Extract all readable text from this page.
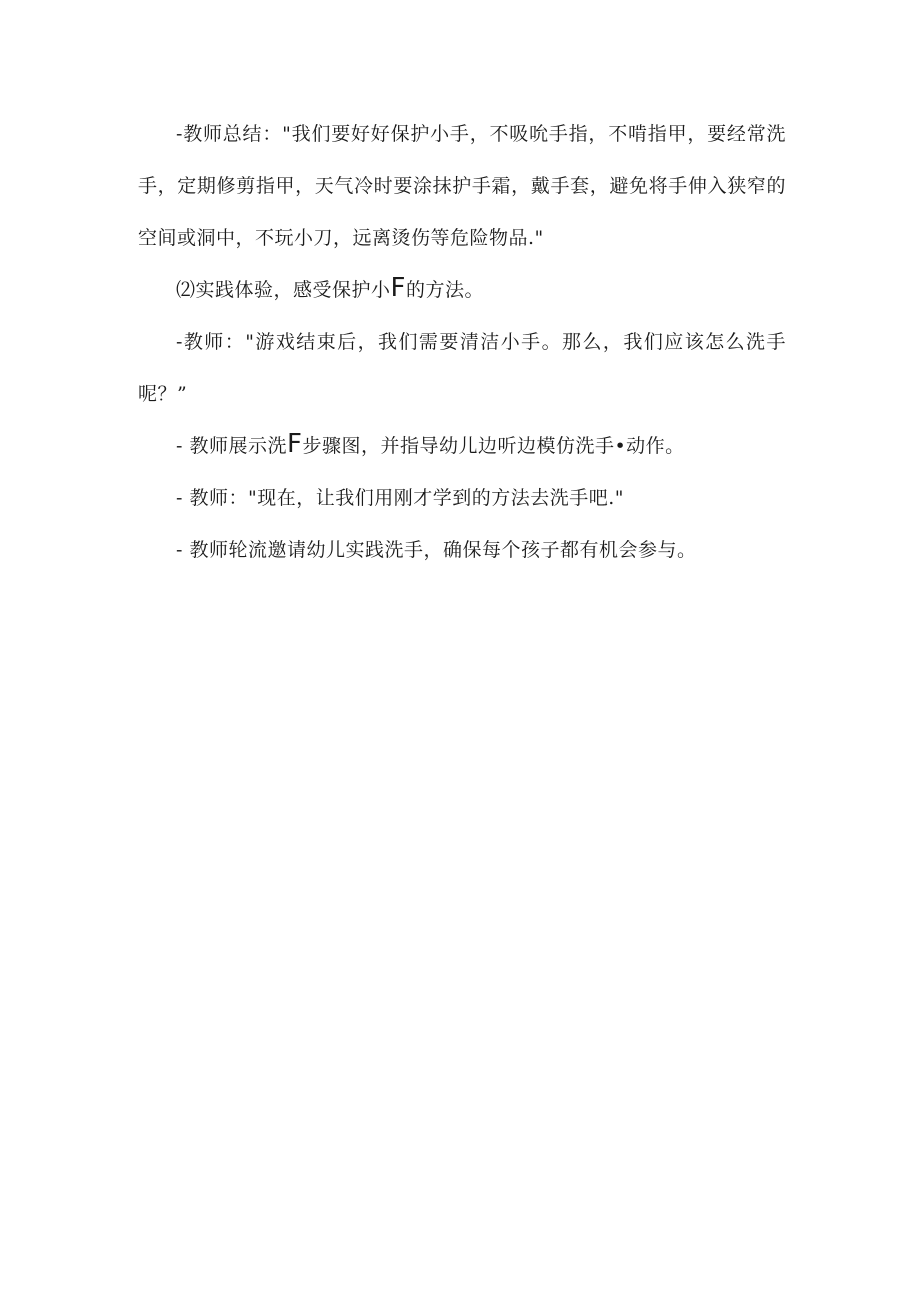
-教师总结："我们要好好保护小手，不吸吮手指，不啃指甲，要经常洗手，定期修剪指甲，天气冷时要涂抹护手霜，戴手套，避免将手伸入狭窄的空间或洞中，不玩小刀，远离烫伤等危险物品."

⑵实践体验，感受保护小F的方法。

-教师："游戏结束后，我们需要清洁小手。那么，我们应该怎么洗手呢？”

- 教师展示洗F步骤图，并指导幼儿边听边模仿洗手•动作。

- 教师："现在，让我们用刚才学到的方法去洗手吧."

- 教师轮流邀请幼儿实践洗手，确保每个孩子都有机会参与。
